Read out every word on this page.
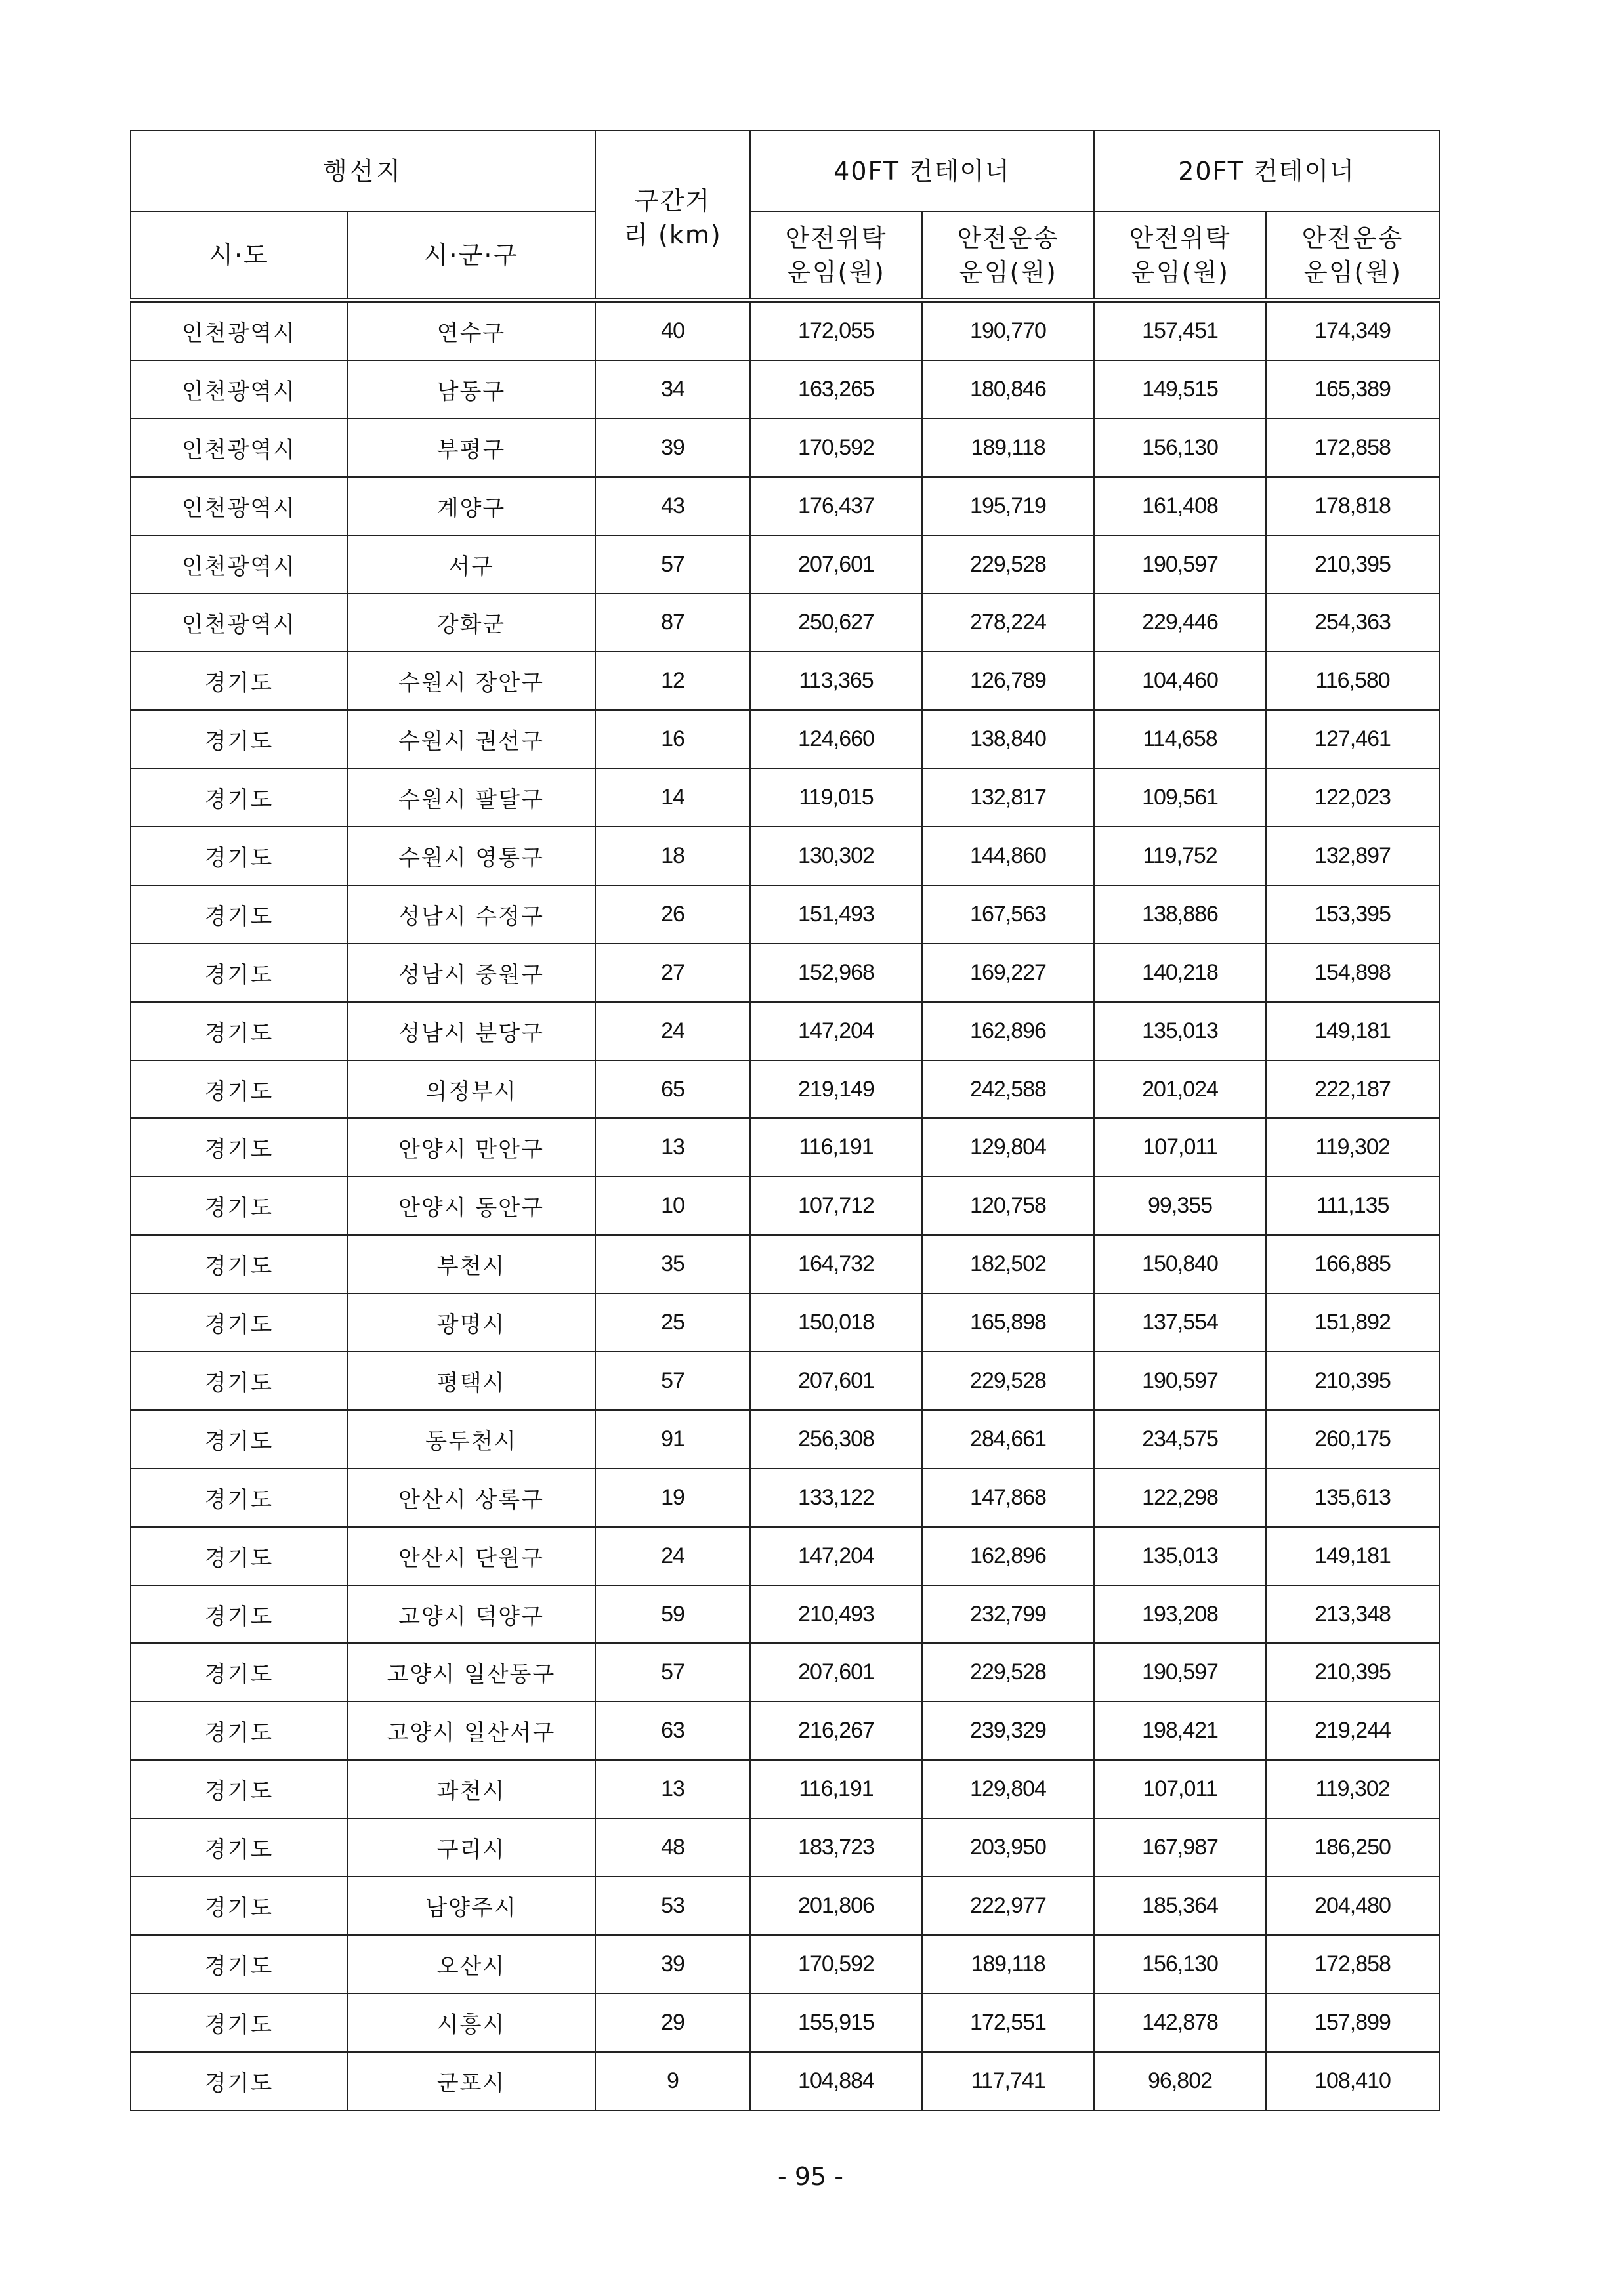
행선지		구간거리 (km)	40FT 컨테이너		20FT 컨테이너	
시·도	시·군·구		안전위탁 운임(원)	안전운송 운임(원)	안전위탁 운임(원)	안전운송 운임(원)
인천광역시	연수구	40	172,055	190,770	157,451	174,349
인천광역시	남동구	34	163,265	180,846	149,515	165,389
인천광역시	부평구	39	170,592	189,118	156,130	172,858
인천광역시	계양구	43	176,437	195,719	161,408	178,818
인천광역시	서구	57	207,601	229,528	190,597	210,395
인천광역시	강화군	87	250,627	278,224	229,446	254,363
경기도	수원시 장안구	12	113,365	126,789	104,460	116,580
경기도	수원시 권선구	16	124,660	138,840	114,658	127,461
경기도	수원시 팔달구	14	119,015	132,817	109,561	122,023
경기도	수원시 영통구	18	130,302	144,860	119,752	132,897
경기도	성남시 수정구	26	151,493	167,563	138,886	153,395
경기도	성남시 중원구	27	152,968	169,227	140,218	154,898
경기도	성남시 분당구	24	147,204	162,896	135,013	149,181
경기도	의정부시	65	219,149	242,588	201,024	222,187
경기도	안양시 만안구	13	116,191	129,804	107,011	119,302
경기도	안양시 동안구	10	107,712	120,758	99,355	111,135
경기도	부천시	35	164,732	182,502	150,840	166,885
경기도	광명시	25	150,018	165,898	137,554	151,892
경기도	평택시	57	207,601	229,528	190,597	210,395
경기도	동두천시	91	256,308	284,661	234,575	260,175
경기도	안산시 상록구	19	133,122	147,868	122,298	135,613
경기도	안산시 단원구	24	147,204	162,896	135,013	149,181
경기도	고양시 덕양구	59	210,493	232,799	193,208	213,348
경기도	고양시 일산동구	57	207,601	229,528	190,597	210,395
경기도	고양시 일산서구	63	216,267	239,329	198,421	219,244
경기도	과천시	13	116,191	129,804	107,011	119,302
경기도	구리시	48	183,723	203,950	167,987	186,250
경기도	남양주시	53	201,806	222,977	185,364	204,480
경기도	오산시	39	170,592	189,118	156,130	172,858
경기도	시흥시	29	155,915	172,551	142,878	157,899
경기도	군포시	9	104,884	117,741	96,802	108,410
- 95 -
